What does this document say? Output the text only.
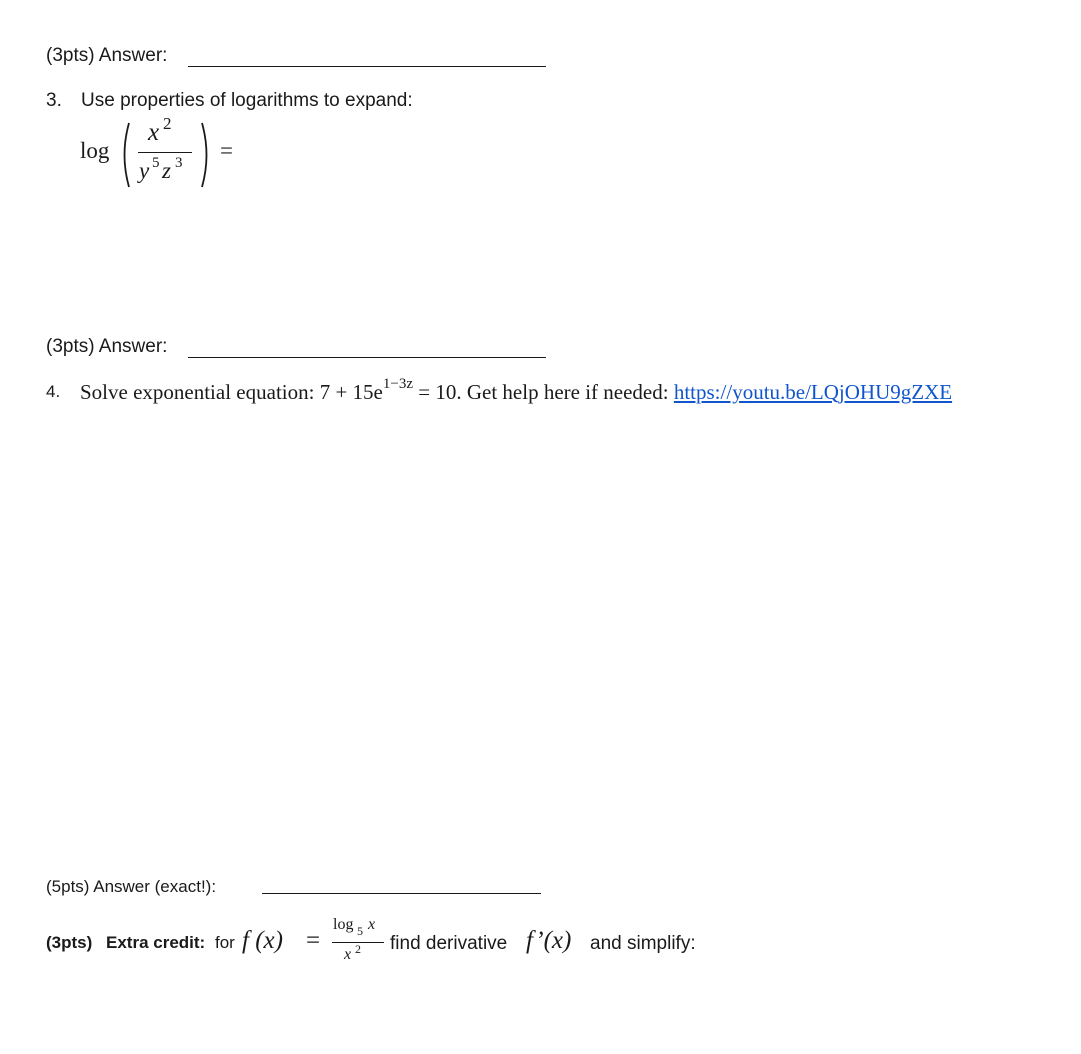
(3pts) Answer:
3. Use properties of logarithms to expand:
log
x 2
y 5 z 3 =
(3pts) Answer:
4. Solve exponential equation: $7 + 15e^{1-3z} = 10$. Get help here if needed: https://youtu.be/LQjOHU9gZXE
(5pts) Answer (exact!):
(3pts) Extra credit: for f (x) =
log 5 x
x 2 find derivative f’(x) and simplify:
